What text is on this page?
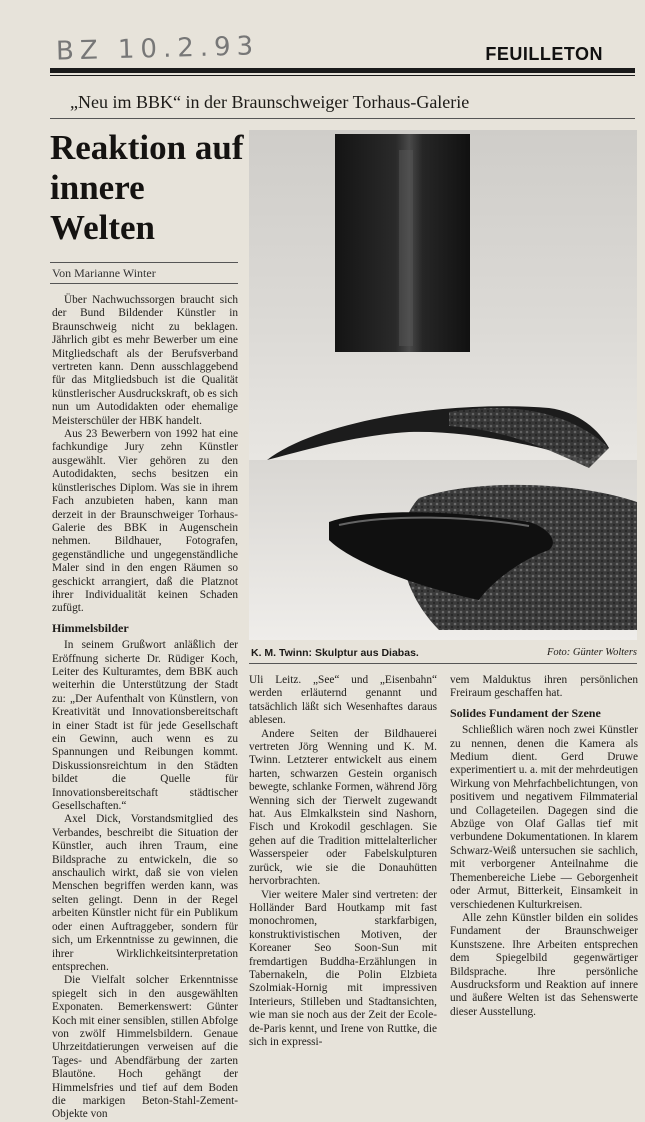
BZ 10.2.93	FEUILLETON
„Neu im BBK“ in der Braunschweiger Torhaus-Galerie
Reaktion auf innere Welten
Von Marianne Winter

Über Nachwuchssorgen braucht sich der Bund Bildender Künstler in Braunschweig nicht zu beklagen. Jährlich gibt es mehr Bewerber um eine Mitgliedschaft als der Berufsverband vertreten kann. Denn ausschlaggebend für das Mitgliedsbuch ist die Qualität künstlerischer Ausdruckskraft, ob es sich nun um Autodidakten oder ehemalige Meisterschüler der HBK handelt.

Aus 23 Bewerbern von 1992 hat eine fachkundige Jury zehn Künstler ausgewählt. Vier gehören zu den Autodidakten, sechs besitzen ein künstlerisches Diplom. Was sie in ihrem Fach anzubieten haben, kann man derzeit in der Braunschweiger Torhaus-Galerie des BBK in Augenschein nehmen. Bildhauer, Fotografen, gegenständliche und ungegenständliche Maler sind in den engen Räumen so geschickt arrangiert, daß die Platznot ihrer Individualität keinen Schaden zufügt.

Himmelsbilder

In seinem Grußwort anläßlich der Eröffnung sicherte Dr. Rüdiger Koch, Leiter des Kulturamtes, dem BBK auch weiterhin die Unterstützung der Stadt zu: „Der Aufenthalt von Künstlern, von Kreativität und Innovationsbereitschaft in einer Stadt ist für jede Gesellschaft ein Gewinn, auch wenn es zu Spannungen und Reibungen kommt. Diskussionsreichtum in den Städten bildet die Quelle für Innovationsbereitschaft städtischer Gesellschaften.“

Axel Dick, Vorstandsmitglied des Verbandes, beschreibt die Situation der Künstler, auch ihren Traum, eine Bildsprache zu entwickeln, die so anschaulich wirkt, daß sie von vielen Menschen begriffen werden kann, was selten gelingt. Denn in der Regel arbeiten Künstler nicht für ein Publikum oder einen Auftraggeber, sondern für sich, um Erkenntnisse zu gewinnen, die ihrer Wirklichkeitsinterpretation entsprechen.

Die Vielfalt solcher Erkenntnisse spiegelt sich in den ausgewählten Exponaten. Bemerkenswert: Günter Koch mit einer sensiblen, stillen Abfolge von zwölf Himmelsbildern. Genaue Uhrzeitdatierungen verweisen auf die Tages- und Abendfärbung der zarten Blautöne. Hoch gehängt der Himmelsfries und tief auf dem Boden die markigen Beton-Stahl-Zement-Objekte von

K. M. Twinn: Skulptur aus Diabas.	Foto: Günter Wolters

Uli Leitz. „See“ und „Eisenbahn“ werden erläuternd genannt und tatsächlich läßt sich Wesenhaftes daraus ablesen.

Andere Seiten der Bildhauerei vertreten Jörg Wenning und K. M. Twinn. Letzterer entwickelt aus einem harten, schwarzen Gestein organisch bewegte, schlanke Formen, während Jörg Wenning sich der Tierwelt zugewandt hat. Aus Elmkalkstein sind Nashorn, Fisch und Krokodil geschlagen. Sie gehen auf die Tradition mittelalterlicher Wasserspeier oder Fabelskulpturen zurück, wie sie die Donauhütten hervorbrachten.

Vier weitere Maler sind vertreten: der Holländer Bard Houtkamp mit fast monochromen, starkfarbigen, konstruktivistischen Motiven, der Koreaner Seo Soon-Sun mit fremdartigen Buddha-Erzählungen in Tabernakeln, die Polin Elzbieta Szolmiak-Hornig mit impressiven Interieurs, Stilleben und Stadtansichten, wie man sie noch aus der Zeit der Ecole-de-Paris kennt, und Irene von Ruttke, die sich in expressi-

vem Malduktus ihren persönlichen Freiraum geschaffen hat.

Solides Fundament der Szene

Schließlich wären noch zwei Künstler zu nennen, denen die Kamera als Medium dient. Gerd Druwe experimentiert u. a. mit der mehrdeutigen Wirkung von Mehrfachbelichtungen, von positivem und negativem Filmmaterial und Collageteilen. Dagegen sind die Abzüge von Olaf Gallas tief mit verbundene Dokumentationen. In klarem Schwarz-Weiß untersuchen sie sachlich, mit verborgener Anteilnahme die Themenbereiche Liebe — Geborgenheit oder Armut, Bitterkeit, Einsamkeit in verschiedenen Kulturkreisen.

Alle zehn Künstler bilden ein solides Fundament der Braunschweiger Kunstszene. Ihre Arbeiten entsprechen dem Spiegelbild gegenwärtiger Bildsprache. Ihre persönliche Ausdrucksform und Reaktion auf innere und äußere Welten ist das Sehenswerte dieser Ausstellung.
